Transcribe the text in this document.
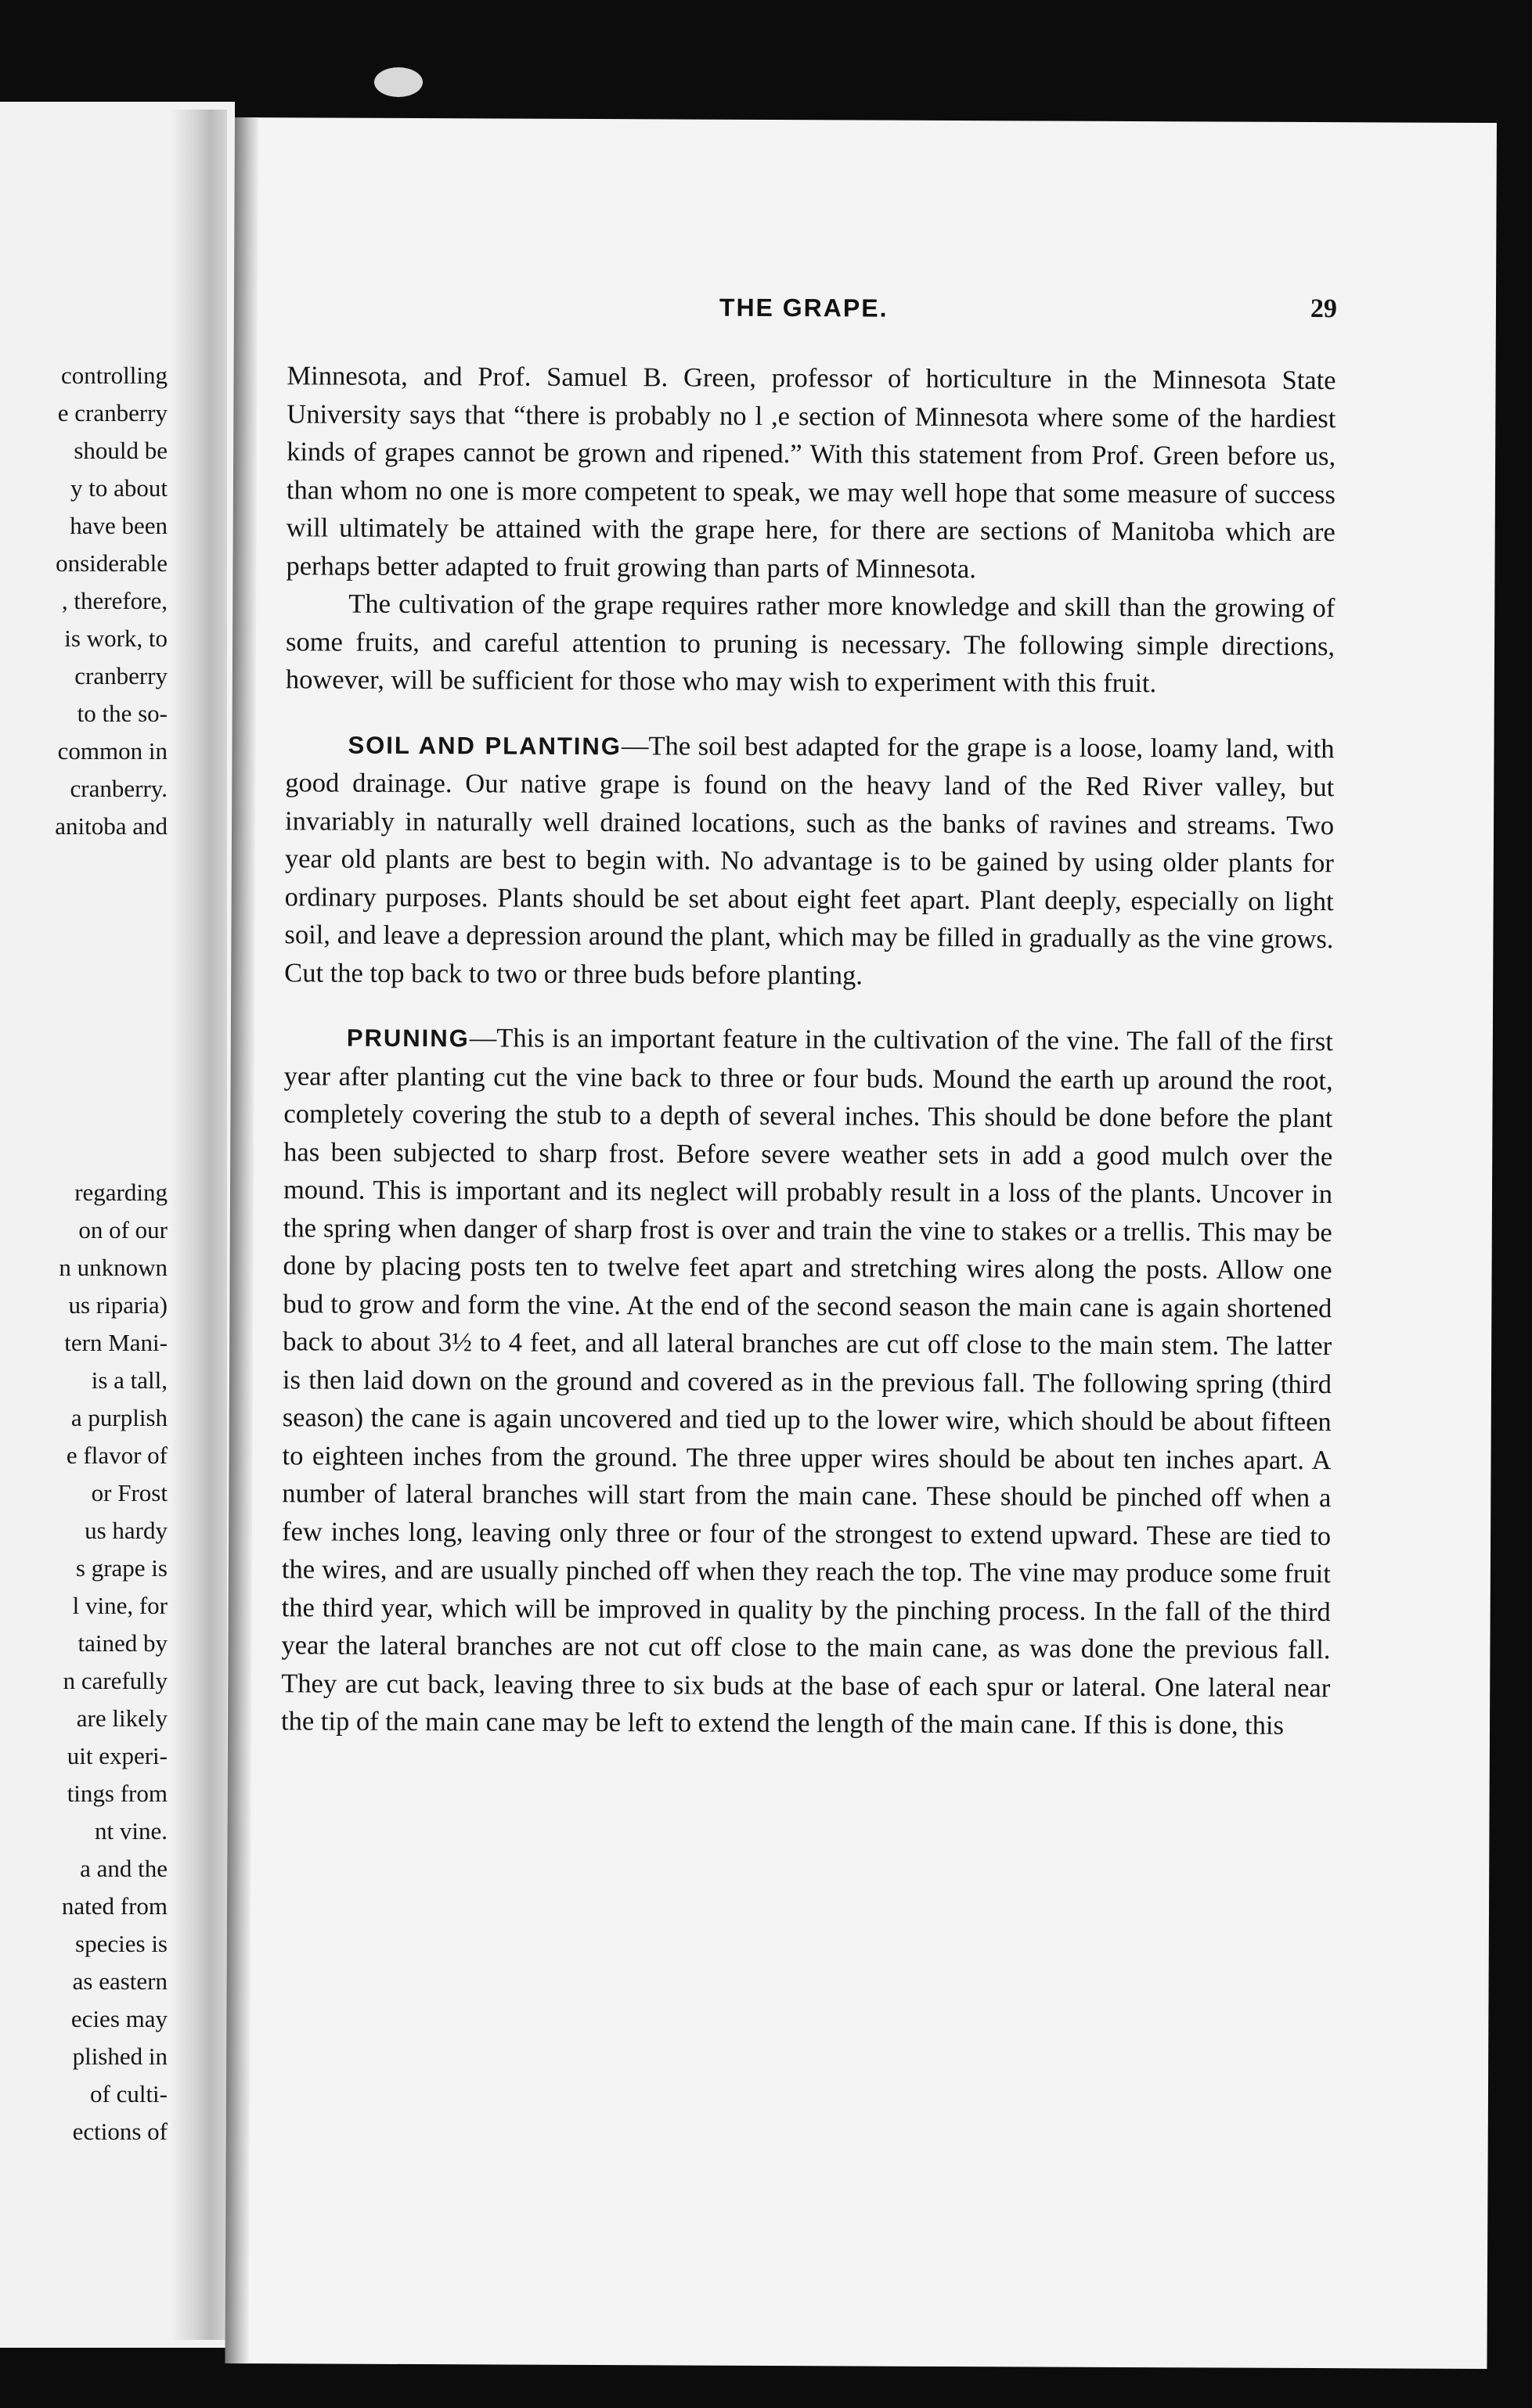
controlling
e cranberry
should be
y to about
have been
onsiderable
, therefore,
is work, to
cranberry
to the so-
common in
cranberry.
anitoba and
regarding
on of our
n unknown
us riparia)
tern Mani-
is a tall,
a purplish
e flavor of
or Frost
us hardy
s grape is
l vine, for
tained by
n carefully
are likely
uit experi-
tings from
nt vine.
a and the
nated from
species is
as eastern
ecies may
plished in
of culti-
ections of
THE GRAPE.	29

Minnesota, and Prof. Samuel B. Green, professor of horticulture in the Minnesota State University says that “there is probably no l ,e section of Minnesota where some of the hardiest kinds of grapes cannot be grown and ripened.” With this statement from Prof. Green before us, than whom no one is more competent to speak, we may well hope that some measure of success will ultimately be attained with the grape here, for there are sections of Manitoba which are perhaps better adapted to fruit growing than parts of Minnesota.

The cultivation of the grape requires rather more knowledge and skill than the growing of some fruits, and careful attention to pruning is necessary. The following simple directions, however, will be sufficient for those who may wish to experiment with this fruit.

SOIL AND PLANTING—The soil best adapted for the grape is a loose, loamy land, with good drainage. Our native grape is found on the heavy land of the Red River valley, but invariably in naturally well drained locations, such as the banks of ravines and streams. Two year old plants are best to begin with. No advantage is to be gained by using older plants for ordinary purposes. Plants should be set about eight feet apart. Plant deeply, especially on light soil, and leave a depression around the plant, which may be filled in gradually as the vine grows. Cut the top back to two or three buds before planting.

PRUNING—This is an important feature in the cultivation of the vine. The fall of the first year after planting cut the vine back to three or four buds. Mound the earth up around the root, completely covering the stub to a depth of several inches. This should be done before the plant has been subjected to sharp frost. Before severe weather sets in add a good mulch over the mound. This is important and its neglect will probably result in a loss of the plants. Uncover in the spring when danger of sharp frost is over and train the vine to stakes or a trellis. This may be done by placing posts ten to twelve feet apart and stretching wires along the posts. Allow one bud to grow and form the vine. At the end of the second season the main cane is again shortened back to about 3½ to 4 feet, and all lateral branches are cut off close to the main stem. The latter is then laid down on the ground and covered as in the previous fall. The following spring (third season) the cane is again uncovered and tied up to the lower wire, which should be about fifteen to eighteen inches from the ground. The three upper wires should be about ten inches apart. A number of lateral branches will start from the main cane. These should be pinched off when a few inches long, leaving only three or four of the strongest to extend upward. These are tied to the wires, and are usually pinched off when they reach the top. The vine may produce some fruit the third year, which will be improved in quality by the pinching process. In the fall of the third year the lateral branches are not cut off close to the main cane, as was done the previous fall. They are cut back, leaving three to six buds at the base of each spur or lateral. One lateral near the tip of the main cane may be left to extend the length of the main cane. If this is done, this
